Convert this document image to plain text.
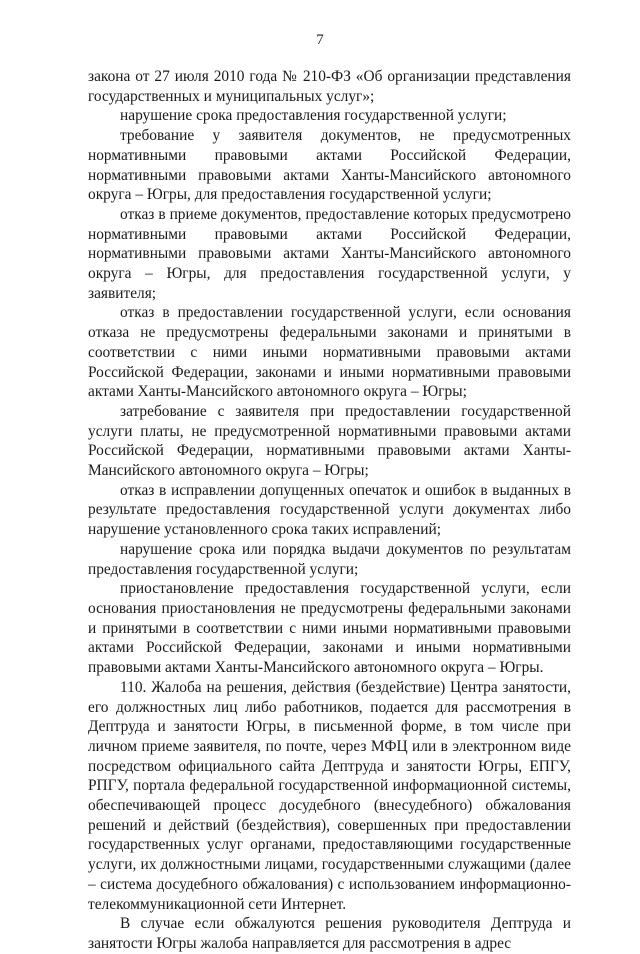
7

закона от 27 июля 2010 года № 210-ФЗ «Об организации представления государственных и муниципальных услуг»;

нарушение срока предоставления государственной услуги;

требование у заявителя документов, не предусмотренных нормативными правовыми актами Российской Федерации, нормативными правовыми актами Ханты-Мансийского автономного округа – Югры, для предоставления государственной услуги;

отказ в приеме документов, предоставление которых предусмотрено нормативными правовыми актами Российской Федерации, нормативными правовыми актами Ханты-Мансийского автономного округа – Югры, для предоставления государственной услуги, у заявителя;

отказ в предоставлении государственной услуги, если основания отказа не предусмотрены федеральными законами и принятыми в соответствии с ними иными нормативными правовыми актами Российской Федерации, законами и иными нормативными правовыми актами Ханты-Мансийского автономного округа – Югры;

затребование с заявителя при предоставлении государственной услуги платы, не предусмотренной нормативными правовыми актами Российской Федерации, нормативными правовыми актами Ханты-Мансийского автономного округа – Югры;

отказ в исправлении допущенных опечаток и ошибок в выданных в результате предоставления государственной услуги документах либо нарушение установленного срока таких исправлений;

нарушение срока или порядка выдачи документов по результатам предоставления государственной услуги;

приостановление предоставления государственной услуги, если основания приостановления не предусмотрены федеральными законами и принятыми в соответствии с ними иными нормативными правовыми актами Российской Федерации, законами и иными нормативными правовыми актами Ханты-Мансийского автономного округа – Югры.

110. Жалоба на решения, действия (бездействие) Центра занятости, его должностных лиц либо работников, подается для рассмотрения в Дептруда и занятости Югры, в письменной форме, в том числе при личном приеме заявителя, по почте, через МФЦ или в электронном виде посредством официального сайта Дептруда и занятости Югры, ЕПГУ, РПГУ, портала федеральной государственной информационной системы, обеспечивающей процесс досудебного (внесудебного) обжалования решений и действий (бездействия), совершенных при предоставлении государственных услуг органами, предоставляющими государственные услуги, их должностными лицами, государственными служащими (далее – система досудебного обжалования) с использованием информационно-телекоммуникационной сети Интернет.

В случае если обжалуются решения руководителя Дептруда и занятости Югры жалоба направляется для рассмотрения в адрес
